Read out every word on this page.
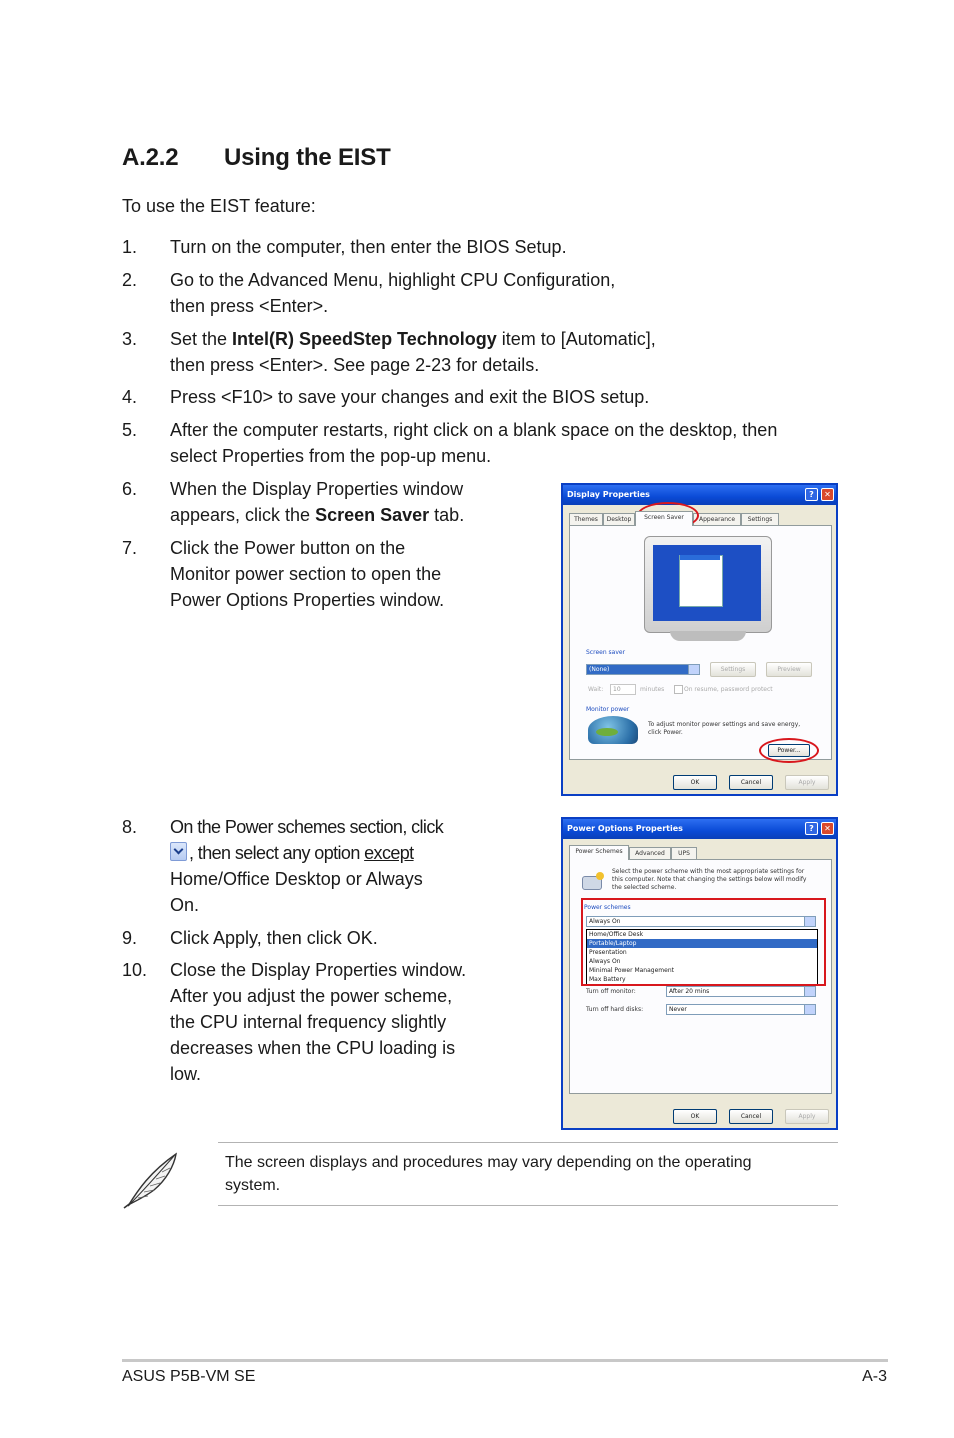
A.2.2 Using the EIST
To use the EIST feature:
1. Turn on the computer, then enter the BIOS Setup.
2. Go to the Advanced Menu, highlight CPU Configuration,
then press <Enter>.
3. Set the Intel(R) SpeedStep Technology item to [Automatic],
then press <Enter>. See page 2-23 for details.
4. Press <F10> to save your changes and exit the BIOS setup.
5. After the computer restarts, right click on a blank space on the desktop, then
select Properties from the pop-up menu.
6. When the Display Properties window
appears, click the Screen Saver tab.
7. Click the Power button on the
Monitor power section to open the
Power Options Properties window.
8. On the Power schemes section, click
, then select any option except
Home/Office Desktop or Always
On.
9. Click Apply, then click OK.
10. Close the Display Properties window.
After you adjust the power scheme,
the CPU internal frequency slightly
decreases when the CPU loading is
low.
Display Properties	?	✕
Themes	Desktop	Screen Saver	Appearance	Settings
Screen saver
(None)	Settings	Preview
Wait:	10	minutes	On resume, password protect
Monitor power
To adjust monitor power settings and save energy,
click Power.
Power...
OK	Cancel	Apply
Power Options Properties	?	✕
Power Schemes	Advanced	UPS
Select the power scheme with the most appropriate settings for
this computer. Note that changing the settings below will modify
the selected scheme.
Power schemes
Always On
Home/Office Desk
Portable/Laptop
Presentation
Always On
Minimal Power Management
Max Battery
Turn off monitor:	After 20 mins
Turn off hard disks:	Never
OK	Cancel	Apply
The screen displays and procedures may vary depending on the operating
system.
ASUS P5B-VM SE	A-3
